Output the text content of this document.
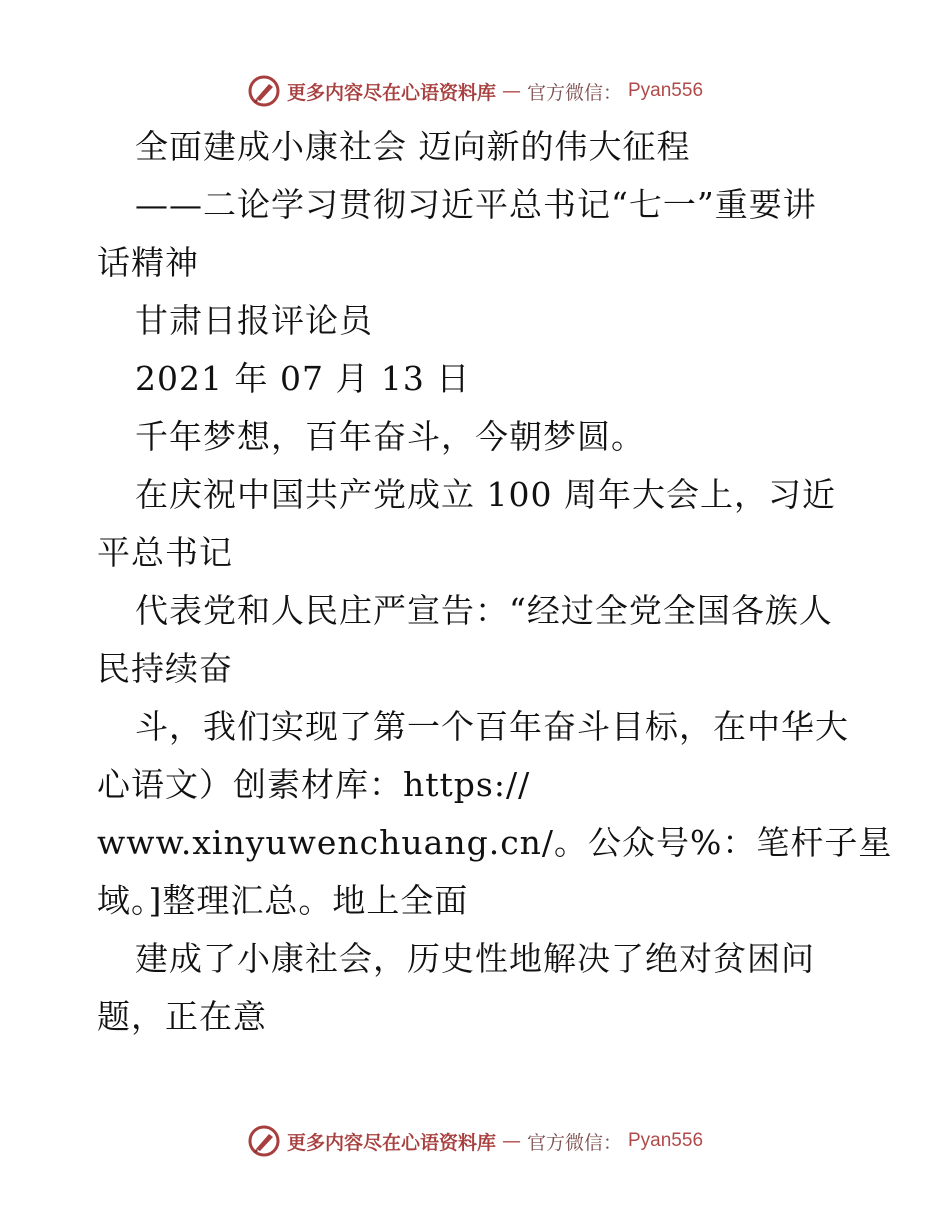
更多内容尽在心语资料库 — 官方微信： Pyan556

全面建成小康社会 迈向新的伟大征程

——二论学习贯彻习近平总书记“七一”重要讲

话精神

甘肃日报评论员

2021 年 07 月 13 日

千年梦想，百年奋斗，今朝梦圆。

在庆祝中国共产党成立 100 周年大会上，习近

平总书记

代表党和人民庄严宣告：“经过全党全国各族人

民持续奋

斗，我们实现了第一个百年奋斗目标，在中华大

心语文）创素材库：https://

www.xinyuwenchuang.cn/。公众号%：笔杆子星

域。]整理汇总。地上全面

建成了小康社会，历史性地解决了绝对贫困问

题，正在意

更多内容尽在心语资料库 — 官方微信： Pyan556
